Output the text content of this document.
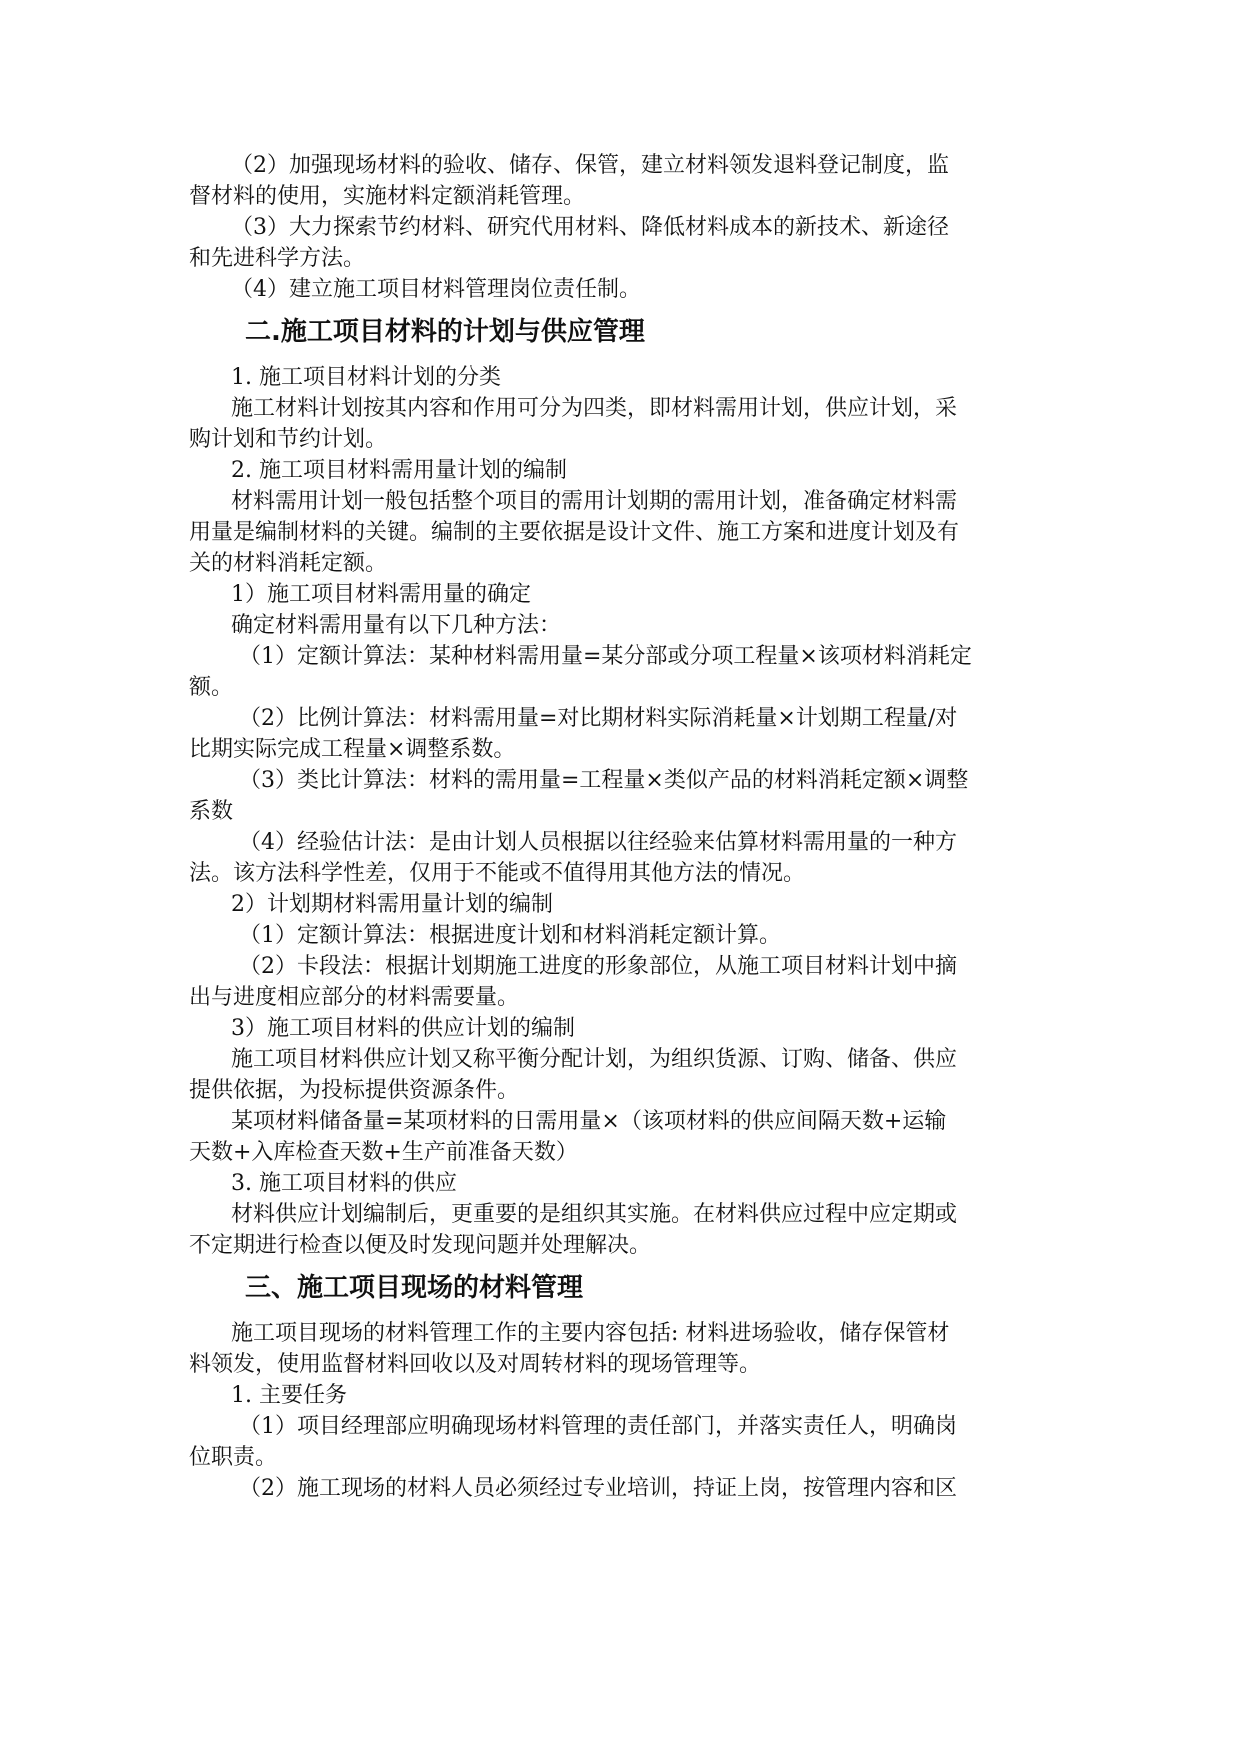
（2）加强现场材料的验收、储存、保管，建立材料领发退料登记制度，监

督材料的使用，实施材料定额消耗管理。

（3）大力探索节约材料、研究代用材料、降低材料成本的新技术、新途径

和先进科学方法。

（4）建立施工项目材料管理岗位责任制。

二.施工项目材料的计划与供应管理

1. 施工项目材料计划的分类

施工材料计划按其内容和作用可分为四类，即材料需用计划，供应计划，采

购计划和节约计划。

2. 施工项目材料需用量计划的编制

材料需用计划一般包括整个项目的需用计划期的需用计划，准备确定材料需

用量是编制材料的关键。编制的主要依据是设计文件、施工方案和进度计划及有

关的材料消耗定额。

1）施工项目材料需用量的确定

确定材料需用量有以下几种方法：

（1）定额计算法：某种材料需用量=某分部或分项工程量×该项材料消耗定

额。

（2）比例计算法：材料需用量=对比期材料实际消耗量×计划期工程量/对

比期实际完成工程量×调整系数。

（3）类比计算法：材料的需用量=工程量×类似产品的材料消耗定额×调整

系数

（4）经验估计法：是由计划人员根据以往经验来估算材料需用量的一种方

法。该方法科学性差，仅用于不能或不值得用其他方法的情况。

2）计划期材料需用量计划的编制

（1）定额计算法：根据进度计划和材料消耗定额计算。

（2）卡段法：根据计划期施工进度的形象部位，从施工项目材料计划中摘

出与进度相应部分的材料需要量。

3）施工项目材料的供应计划的编制

施工项目材料供应计划又称平衡分配计划，为组织货源、订购、储备、供应

提供依据，为投标提供资源条件。

某项材料储备量=某项材料的日需用量×（该项材料的供应间隔天数+运输

天数+入库检查天数+生产前准备天数）

3. 施工项目材料的供应

材料供应计划编制后，更重要的是组织其实施。在材料供应过程中应定期或

不定期进行检查以便及时发现问题并处理解决。

三、施工项目现场的材料管理

施工项目现场的材料管理工作的主要内容包括: 材料进场验收，储存保管材

料领发，使用监督材料回收以及对周转材料的现场管理等。

1. 主要任务

（1）项目经理部应明确现场材料管理的责任部门，并落实责任人，明确岗

位职责。

（2）施工现场的材料人员必须经过专业培训，持证上岗，按管理内容和区
